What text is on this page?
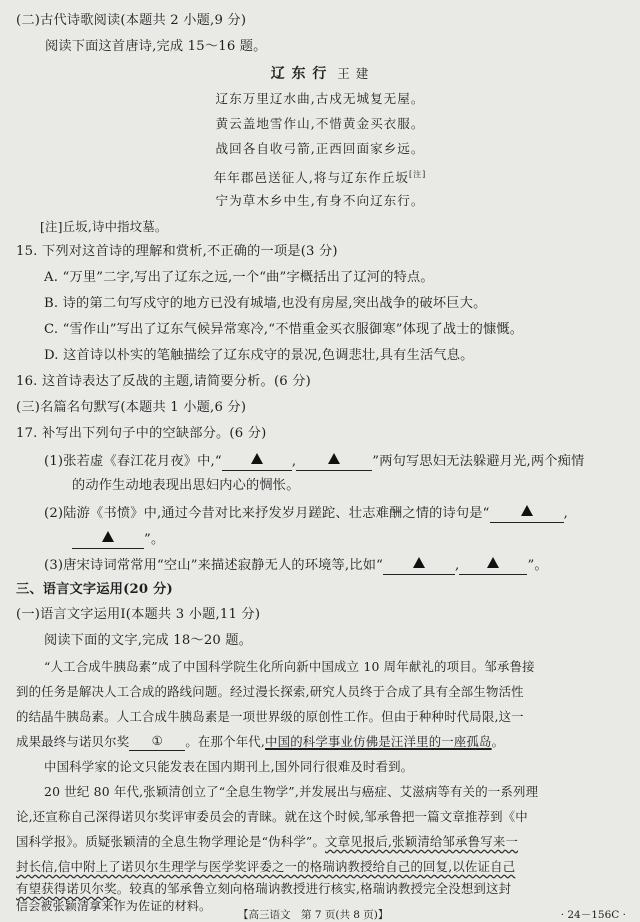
(二)古代诗歌阅读(本题共 2 小题,9 分)
阅读下面这首唐诗,完成 15～16 题。
辽 东 行 王 建
辽东万里辽水曲,古戍无城复无屋。
黄云盖地雪作山,不惜黄金买衣服。
战回各自收弓箭,正西回面家乡远。
年年郡邑送征人,将与辽东作丘坂[注]
宁为草木乡中生,有身不向辽东行。
[注]丘坂,诗中指坟墓。
15. 下列对这首诗的理解和赏析,不正确的一项是(3 分)
A. “万里”二字,写出了辽东之远,一个“曲”字概括出了辽河的特点。
B. 诗的第二句写戍守的地方已没有城墙,也没有房屋,突出战争的破坏巨大。
C. “雪作山”写出了辽东气候异常寒冷,“不惜重金买衣服御寒”体现了战士的慷慨。
D. 这首诗以朴实的笔触描绘了辽东戍守的景况,色调悲壮,具有生活气息。
16. 这首诗表达了反战的主题,请简要分析。(6 分)
(三)名篇名句默写(本题共 1 小题,6 分)
17. 补写出下列句子中的空缺部分。(6 分)
(1)张若虚《春江花月夜》中,“	,	”两句写思妇无法躲避月光,两个痴情
的动作生动地表现出思妇内心的惆怅。
(2)陆游《书愤》中,通过今昔对比来抒发岁月蹉跎、壮志难酬之情的诗句是“	,
”。
(3)唐宋诗词常常用“空山”来描述寂静无人的环境等,比如“	,	”。
三、语言文字运用(20 分)
(一)语言文字运用Ⅰ(本题共 3 小题,11 分)
阅读下面的文字,完成 18～20 题。
“人工合成牛胰岛素”成了中国科学院生化所向新中国成立 10 周年献礼的项目。邹承鲁接
到的任务是解决人工合成的路线问题。经过漫长探索,研究人员终于合成了具有全部生物活性
的结晶牛胰岛素。人工合成牛胰岛素是一项世界级的原创性工作。但由于种种时代局限,这一
成果最终与诺贝尔奖 ① 。在那个年代,中国的科学事业仿佛是汪洋里的一座孤岛。
中国科学家的论文只能发表在国内期刊上,国外同行很难及时看到。
20 世纪 80 年代,张颖清创立了“全息生物学”,并发展出与癌症、艾滋病等有关的一系列理
论,还宣称自己深得诺贝尔奖评审委员会的青睐。就在这个时候,邹承鲁把一篇文章推荐到《中
国科学报》。质疑张颖清的全息生物学理论是“伪科学”。文章见报后,张颖清给邹承鲁写来一
封长信,信中附上了诺贝尔生理学与医学奖评委之一的格瑞讷教授给自己的回复,以佐证自己
有望获得诺贝尔奖。较真的邹承鲁立刻向格瑞讷教授进行核实,格瑞讷教授完全没想到这封
信会被张颖清拿来作为佐证的材料。
【高三语文　第 7 页(共 8 页)】	· 24－156C ·
